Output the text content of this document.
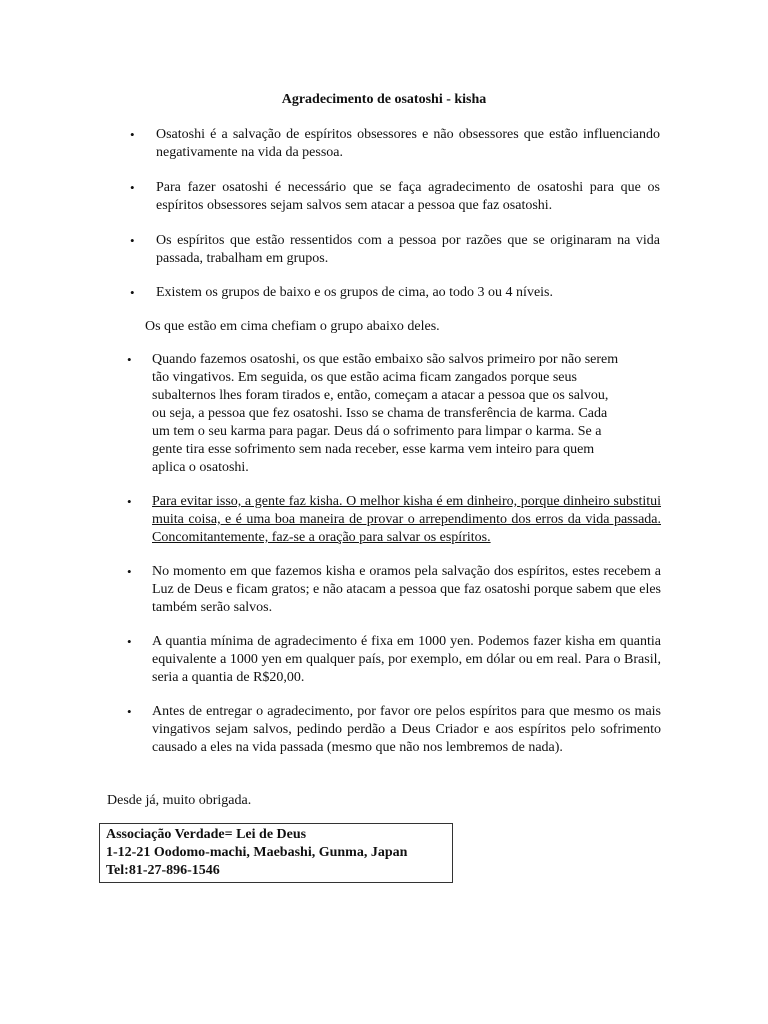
Agradecimento de osatoshi - kisha
• Osatoshi é a salvação de espíritos obsessores e não obsessores que estão influenciando negativamente na vida da pessoa.
• Para fazer osatoshi é necessário que se faça agradecimento de osatoshi para que os espíritos obsessores sejam salvos sem atacar a pessoa que faz osatoshi.
• Os espíritos que estão ressentidos com a pessoa por razões que se originaram na vida passada, trabalham em grupos.
• Existem os grupos de baixo e os grupos de cima, ao todo 3 ou 4 níveis.
Os que estão em cima chefiam o grupo abaixo deles.
• Quando fazemos osatoshi, os que estão embaixo são salvos primeiro por não serem
tão vingativos. Em seguida, os que estão acima ficam zangados porque seus
subalternos lhes foram tirados e, então, começam a atacar a pessoa que os salvou,
ou seja, a pessoa que fez osatoshi. Isso se chama de transferência de karma. Cada
um tem o seu karma para pagar. Deus dá o sofrimento para limpar o karma. Se a
gente tira esse sofrimento sem nada receber, esse karma vem inteiro para quem
aplica o osatoshi.
• Para evitar isso, a gente faz kisha. O melhor kisha é em dinheiro, porque dinheiro substitui muita coisa, e é uma boa maneira de provar o arrependimento dos erros da vida passada. Concomitantemente, faz-se a oração para salvar os espíritos.
• No momento em que fazemos kisha e oramos pela salvação dos espíritos, estes recebem a Luz de Deus e ficam gratos; e não atacam a pessoa que faz osatoshi porque sabem que eles também serão salvos.
• A quantia mínima de agradecimento é fixa em 1000 yen. Podemos fazer kisha em quantia equivalente a 1000 yen em qualquer país, por exemplo, em dólar ou em real. Para o Brasil, seria a quantia de R$20,00.
• Antes de entregar o agradecimento, por favor ore pelos espíritos para que mesmo os mais vingativos sejam salvos, pedindo perdão a Deus Criador e aos espíritos pelo sofrimento causado a eles na vida passada (mesmo que não nos lembremos de nada).
Desde já, muito obrigada.
Associação Verdade= Lei de Deus
1-12-21 Oodomo-machi, Maebashi, Gunma, Japan
Tel:81-27-896-1546
